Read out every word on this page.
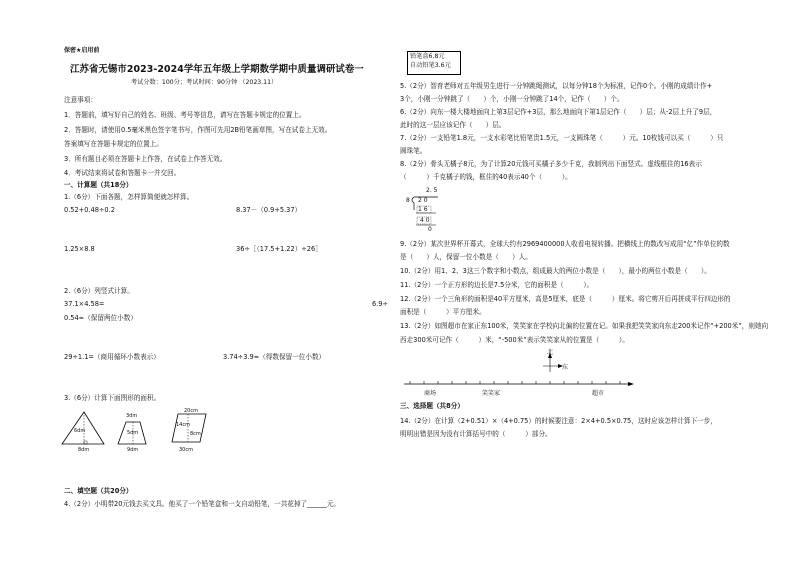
保密★启用前
江苏省无锡市2023-2024学年五年级上学期数学期中质量调研试卷一
考试分数：100分；考试时间：90分钟 （2023.11）
注意事项：
1．答题前，填写好自己的姓名、班级、考号等信息，请写在答题卡规定的位置上。
2．答题时，请使用0.5毫米黑色签字笔书写，作图可先用2B铅笔画草图，写在试卷上无效。
答案填写在答题卡规定的位置上。
3．所有题目必须在答题卡上作答，在试卷上作答无效。
4．考试结束将试卷和答题卡一并交回。
一、计算题（共18分）
1.（6分）下面各题，怎样算简便就怎样算。
0.52+0.48÷0.2	8.37－（0.9+5.37）
1.25×8.8	36÷［（17.5+1.22）÷26］
2.（6分）列竖式计算。
37.1×4.58=	6.9÷
0.54≈（保留两位小数）
29÷1.1=（商用循环小数表示）	3.74÷3.9≈（得数保留一位小数）
3.（6分）计算下面图形的面积。
6dm
8dm
3dm
5dm
9dm
20cm
14cm
8cm
30cm
二、填空题（共20分）
4.（2分）小明带20元钱去买文具。他买了一个铅笔盒和一支自动铅笔，一共花掉了______元。
铅笔盒6.8元
自动铅笔3.6元
5.（2分）智育老师对五年级男生进行一分钟跳绳测试，以每分钟18个为标准，记作0个。小刚的成绩计作+
3个，小刚一分钟跳了（　　）个，小刚一分钟跳了14个，记作（　　）个。
6.（2分）向东一楼大楼地面向上第3层记作+3层，那么地面向下第1层记作（　　）层；从-2层上升了9层，
此时的这一层应该记作（　　）层。
7.（2分）一支铅笔1.8元，一支水彩笔比铅笔贵1.5元，一支圆珠笔（　　　）元。10枚钱可以买（　　　）只
圆珠笔。
8.（2分）骨头无橘子8元，为了计算20元钱可买橘子多少千克，我制列出下面竖式。虚线框住的16表示
（　　　）千克橘子的钱，框住的40表示40个（　　　）。
2. 5
8 2 0
1 6
4 0
0
9.（2分）某次世界杯开幕式，全球大约有2969400000人收看电视转播。把横线上的数改写成用“亿”作单位的数
是（　　）人，保留一位小数是（　　）人。
10.（2分）用1、2、3这三个数字和小数点，组成最大的两位小数是（　　），最小的两位小数是（　　）。
11.（2分）一个正方形的边长是7.5分米，它的面积是（　　　）。
12.（2分）一个三角形的面积是40平方厘米，高是5厘米，底是（　　　）厘米。将它剪开后再拼成平行四边形的
面积是（　　　）平方厘米。
13.（2分）如图超市在家正东100米，笑笑家在学校向北偏的位置在记。如果我把笑笑家向东走200米记作“+200米”，则她向
西走300米可记作（　　　）米，“-500米”表示笑笑家从的位置是（　　　）。
北
东
商场	笑笑家	超市
三、选择题（共8分）
14.（2分）在计算（2+0.51）×（4+0.75）的时候要注意：2×4+0.5×0.75，这时应该怎样计算下一步，
明明出错是因为没有计算括号中的（　　　）部分。
